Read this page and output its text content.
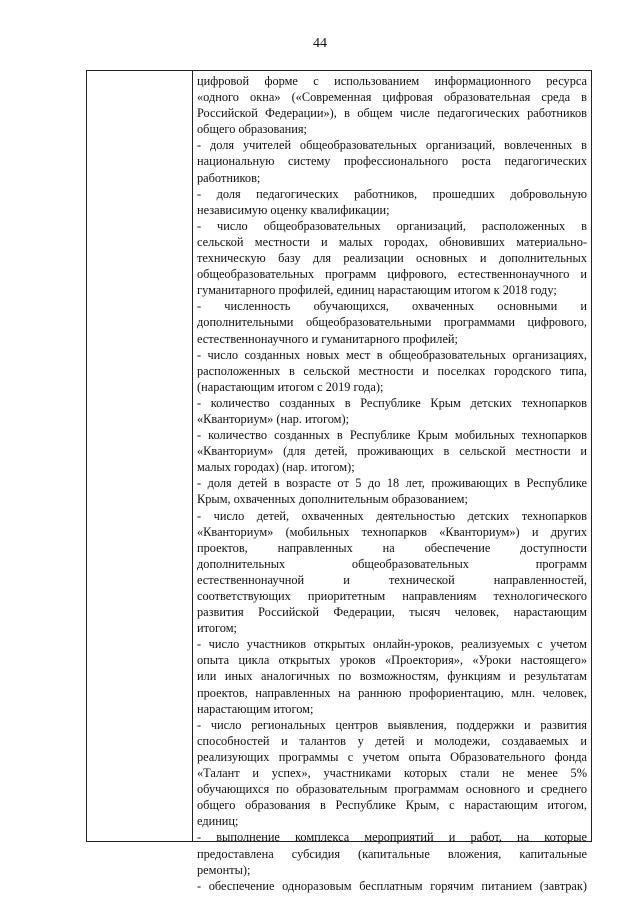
44
цифровой форме с использованием информационного ресурса
«одного окна» («Современная цифровая образовательная среда в
Российской Федерации»), в общем числе педагогических работников
общего образования;
- доля учителей общеобразовательных организаций, вовлеченных в
национальную систему профессионального роста педагогических
работников;
- доля педагогических работников, прошедших добровольную
независимую оценку квалификации;
- число общеобразовательных организаций, расположенных в
сельской местности и малых городах, обновивших материально-
техническую базу для реализации основных и дополнительных
общеобразовательных программ цифрового, естественнонаучного и
гуманитарного профилей, единиц нарастающим итогом к 2018 году;
- численность обучающихся, охваченных основными и
дополнительными общеобразовательными программами цифрового,
естественнонаучного и гуманитарного профилей;
- число созданных новых мест в общеобразовательных организациях,
расположенных в сельской местности и поселках городского типа,
(нарастающим итогом с 2019 года);
- количество созданных в Республике Крым детских технопарков
«Кванториум» (нар. итогом);
- количество созданных в Республике Крым мобильных технопарков
«Кванториум» (для детей, проживающих в сельской местности и
малых городах) (нар. итогом);
- доля детей в возрасте от 5 до 18 лет, проживающих в Республике
Крым, охваченных дополнительным образованием;
- число детей, охваченных деятельностью детских технопарков
«Кванториум» (мобильных технопарков «Кванториум») и других
проектов, направленных на обеспечение доступности
дополнительных общеобразовательных программ
естественнонаучной и технической направленностей,
соответствующих приоритетным направлениям технологического
развития Российской Федерации, тысяч человек, нарастающим
итогом;
- число участников открытых онлайн-уроков, реализуемых с учетом
опыта цикла открытых уроков «Проектория», «Уроки настоящего»
или иных аналогичных по возможностям, функциям и результатам
проектов, направленных на раннюю профориентацию, млн. человек,
нарастающим итогом;
- число региональных центров выявления, поддержки и развития
способностей и талантов у детей и молодежи, создаваемых и
реализующих программы с учетом опыта Образовательного фонда
«Талант и успех», участниками которых стали не менее 5%
обучающихся по образовательным программам основного и среднего
общего образования в Республике Крым, с нарастающим итогом,
единиц;
- выполнение комплекса мероприятий и работ, на которые
предоставлена субсидия (капитальные вложения, капитальные
ремонты);
- обеспечение одноразовым бесплатным горячим питанием (завтрак)
